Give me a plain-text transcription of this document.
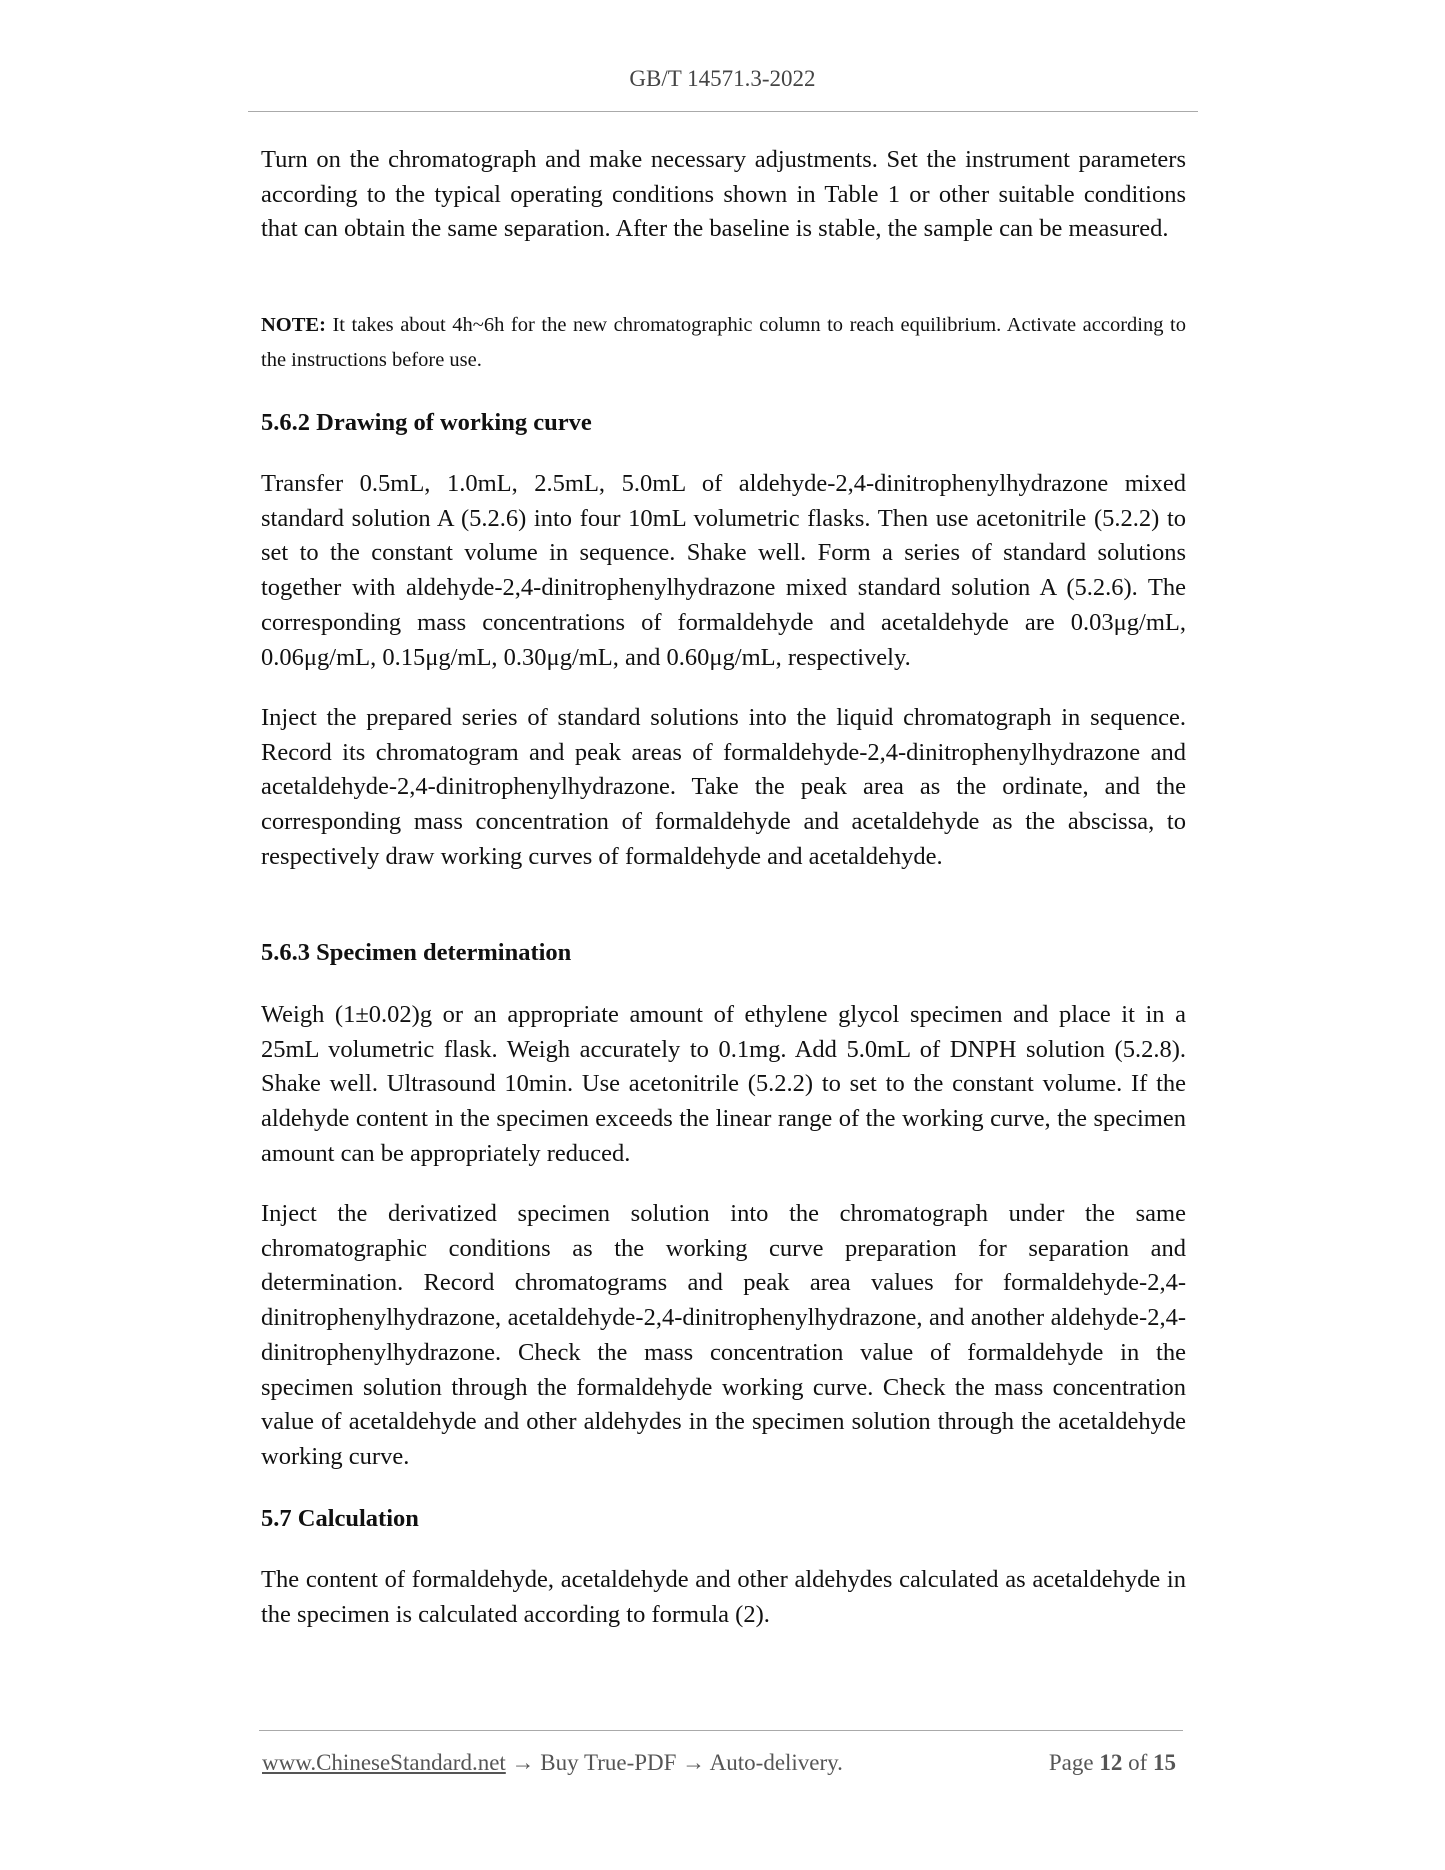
GB/T 14571.3-2022

Turn on the chromatograph and make necessary adjustments. Set the instrument parameters according to the typical operating conditions shown in Table 1 or other suitable conditions that can obtain the same separation. After the baseline is stable, the sample can be measured.

NOTE: It takes about 4h~6h for the new chromatographic column to reach equilibrium. Activate according to the instructions before use.

5.6.2 Drawing of working curve

Transfer 0.5mL, 1.0mL, 2.5mL, 5.0mL of aldehyde-2,4-dinitrophenylhydrazone mixed standard solution A (5.2.6) into four 10mL volumetric flasks. Then use acetonitrile (5.2.2) to set to the constant volume in sequence. Shake well. Form a series of standard solutions together with aldehyde-2,4-dinitrophenylhydrazone mixed standard solution A (5.2.6). The corresponding mass concentrations of formaldehyde and acetaldehyde are 0.03μg/mL, 0.06μg/mL, 0.15μg/mL, 0.30μg/mL, and 0.60μg/mL, respectively.

Inject the prepared series of standard solutions into the liquid chromatograph in sequence. Record its chromatogram and peak areas of formaldehyde-2,4-dinitrophenylhydrazone and acetaldehyde-2,4-dinitrophenylhydrazone. Take the peak area as the ordinate, and the corresponding mass concentration of formaldehyde and acetaldehyde as the abscissa, to respectively draw working curves of formaldehyde and acetaldehyde.

5.6.3 Specimen determination

Weigh (1±0.02)g or an appropriate amount of ethylene glycol specimen and place it in a 25mL volumetric flask. Weigh accurately to 0.1mg. Add 5.0mL of DNPH solution (5.2.8). Shake well. Ultrasound 10min. Use acetonitrile (5.2.2) to set to the constant volume. If the aldehyde content in the specimen exceeds the linear range of the working curve, the specimen amount can be appropriately reduced.

Inject the derivatized specimen solution into the chromatograph under the same chromatographic conditions as the working curve preparation for separation and determination. Record chromatograms and peak area values for formaldehyde-2,4-dinitrophenylhydrazone, acetaldehyde-2,4-dinitrophenylhydrazone, and another aldehyde-2,4-dinitrophenylhydrazone. Check the mass concentration value of formaldehyde in the specimen solution through the formaldehyde working curve. Check the mass concentration value of acetaldehyde and other aldehydes in the specimen solution through the acetaldehyde working curve.

5.7 Calculation

The content of formaldehyde, acetaldehyde and other aldehydes calculated as acetaldehyde in the specimen is calculated according to formula (2).

www.ChineseStandard.net → Buy True-PDF → Auto-delivery.	Page 12 of 15
